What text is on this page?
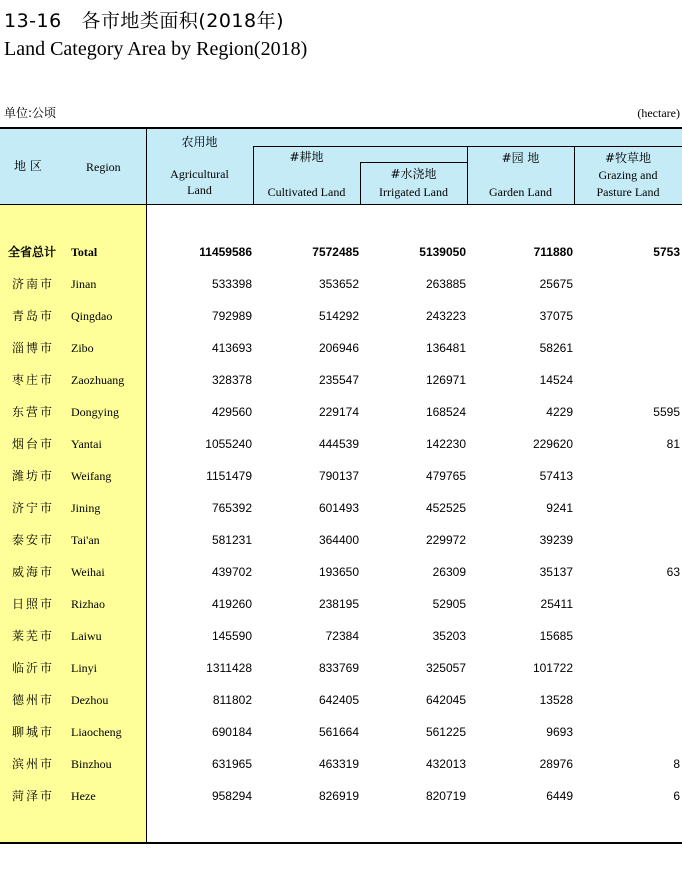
13-16 各市地类面积(2018年)
Land Category Area by Region(2018)
单位:公顷	(hectare)
地 区	Region
农用地
Agricultural
Land
#耕地
Cultivated Land
#水浇地
Irrigated Land
#园 地
Garden Land
#牧草地
Grazing and
Pasture Land
全省总计 Total	11459586	7572485	5139050	711880	5753
济南市 Jinan	533398	353652	263885	25675
青岛市 Qingdao	792989	514292	243223	37075
淄博市 Zibo	413693	206946	136481	58261
枣庄市 Zaozhuang	328378	235547	126971	14524
东营市 Dongying	429560	229174	168524	4229	5595
烟台市 Yantai	1055240	444539	142230	229620	81
潍坊市 Weifang	1151479	790137	479765	57413
济宁市 Jining	765392	601493	452525	9241
泰安市 Tai'an	581231	364400	229972	39239
威海市 Weihai	439702	193650	26309	35137	63
日照市 Rizhao	419260	238195	52905	25411
莱芜市 Laiwu	145590	72384	35203	15685
临沂市 Linyi	1311428	833769	325057	101722
德州市 Dezhou	811802	642405	642045	13528
聊城市 Liaocheng	690184	561664	561225	9693
滨州市 Binzhou	631965	463319	432013	28976	8
菏泽市 Heze	958294	826919	820719	6449	6
